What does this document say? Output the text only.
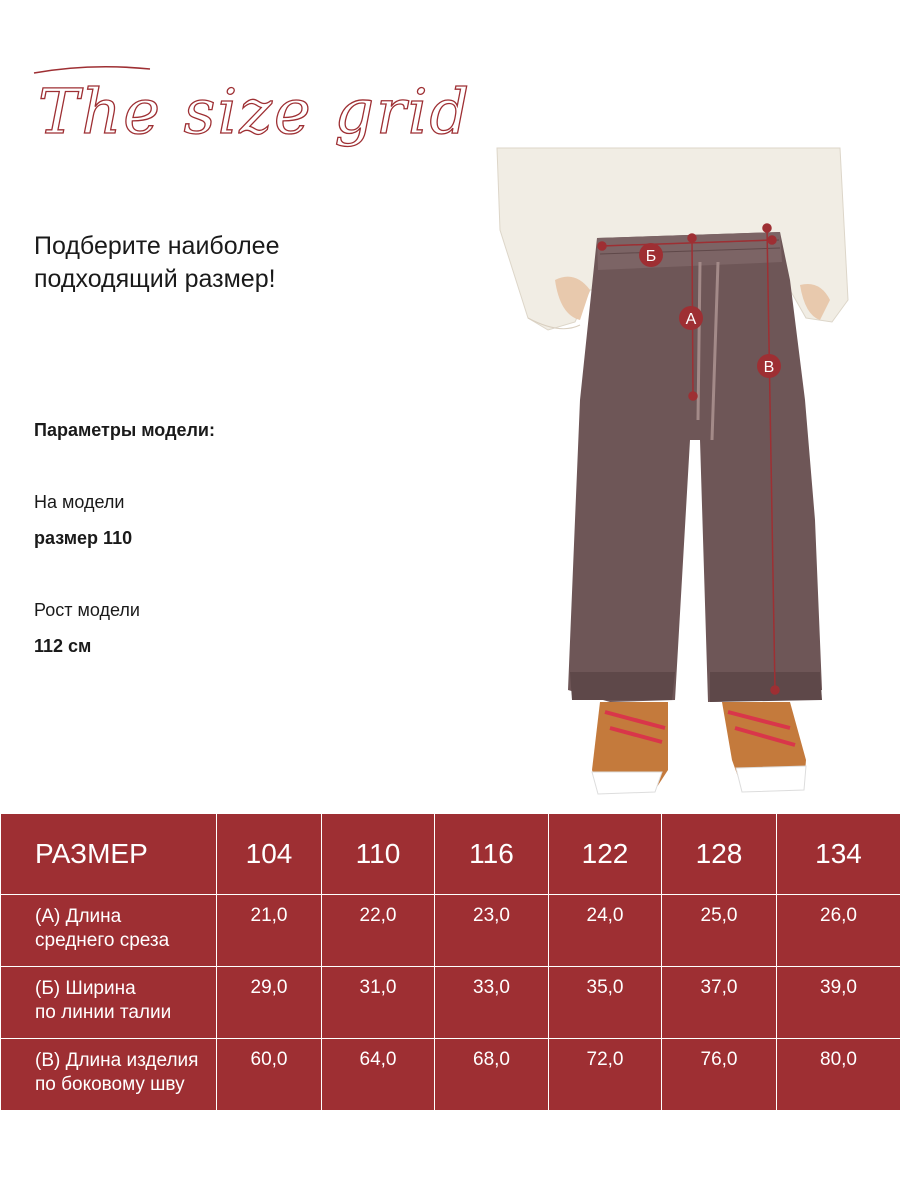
The size grid
Подберите наиболее
подходящий размер!
Параметры модели:
На модели
размер 110
Рост модели
112 см
Б
А
В
РАЗМЕР	104	110	116	122	128	134

(А) Длина
среднего среза	21,0	22,0	23,0	24,0	25,0	26,0

(Б) Ширина
по линии талии	29,0	31,0	33,0	35,0	37,0	39,0

(В) Длина изделия
по боковому шву	60,0	64,0	68,0	72,0	76,0	80,0
